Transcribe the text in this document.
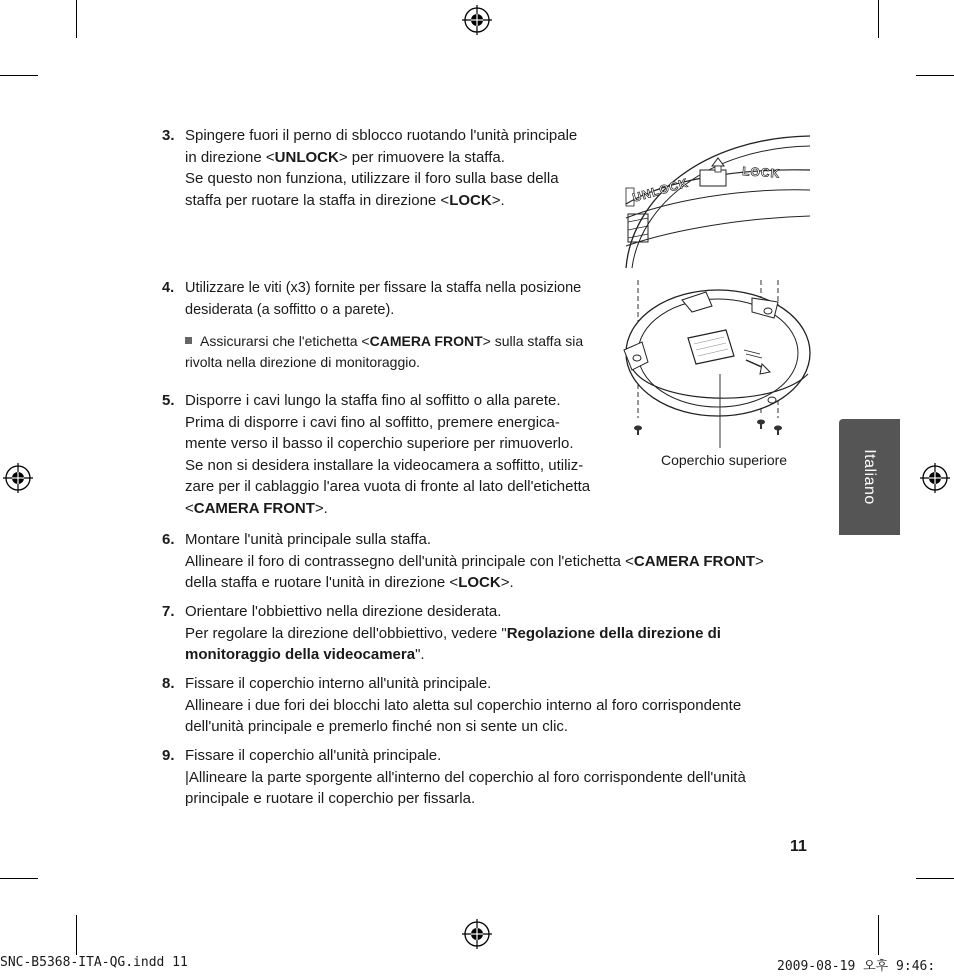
3. Spingere fuori il perno di sblocco ruotando l'unità principale
in direzione <UNLOCK> per rimuovere la staffa.
Se questo non funziona, utilizzare il foro sulla base della
staffa per ruotare la staffa in direzione <LOCK>.
4. Utilizzare le viti (x3) fornite per fissare la staffa nella posizione
desiderata (a soffitto o a parete).
Assicurarsi che l'etichetta <CAMERA FRONT> sulla staffa sia
rivolta nella direzione di monitoraggio.
5. Disporre i cavi lungo la staffa fino al soffitto o alla parete.
Prima di disporre i cavi fino al soffitto, premere energica-
mente verso il basso il coperchio superiore per rimuoverlo.
Se non si desidera installare la videocamera a soffitto, utiliz-
zare per il cablaggio l'area vuota di fronte al lato dell'etichetta
<CAMERA FRONT>.
6. Montare l'unità principale sulla staffa.
Allineare il foro di contrassegno dell'unità principale con l'etichetta <CAMERA FRONT>
della staffa e ruotare l'unità in direzione <LOCK>.
7. Orientare l'obbiettivo nella direzione desiderata.
Per regolare la direzione dell'obbiettivo, vedere "Regolazione della direzione di
monitoraggio della videocamera".
8. Fissare il coperchio interno all'unità principale.
Allineare i due fori dei blocchi lato aletta sul coperchio interno al foro corrispondente
dell'unità principale e premerlo finché non si sente un clic.
9. Fissare il coperchio all'unità principale.
|Allineare la parte sporgente all'interno del coperchio al foro corrispondente dell'unità
principale e ruotare il coperchio per fissarla.
UNLOCK
LOCK
Coperchio superiore	Italiano
11
SNC-B5368-ITA-QG.indd 11	2009-08-19 오후 9:46:
